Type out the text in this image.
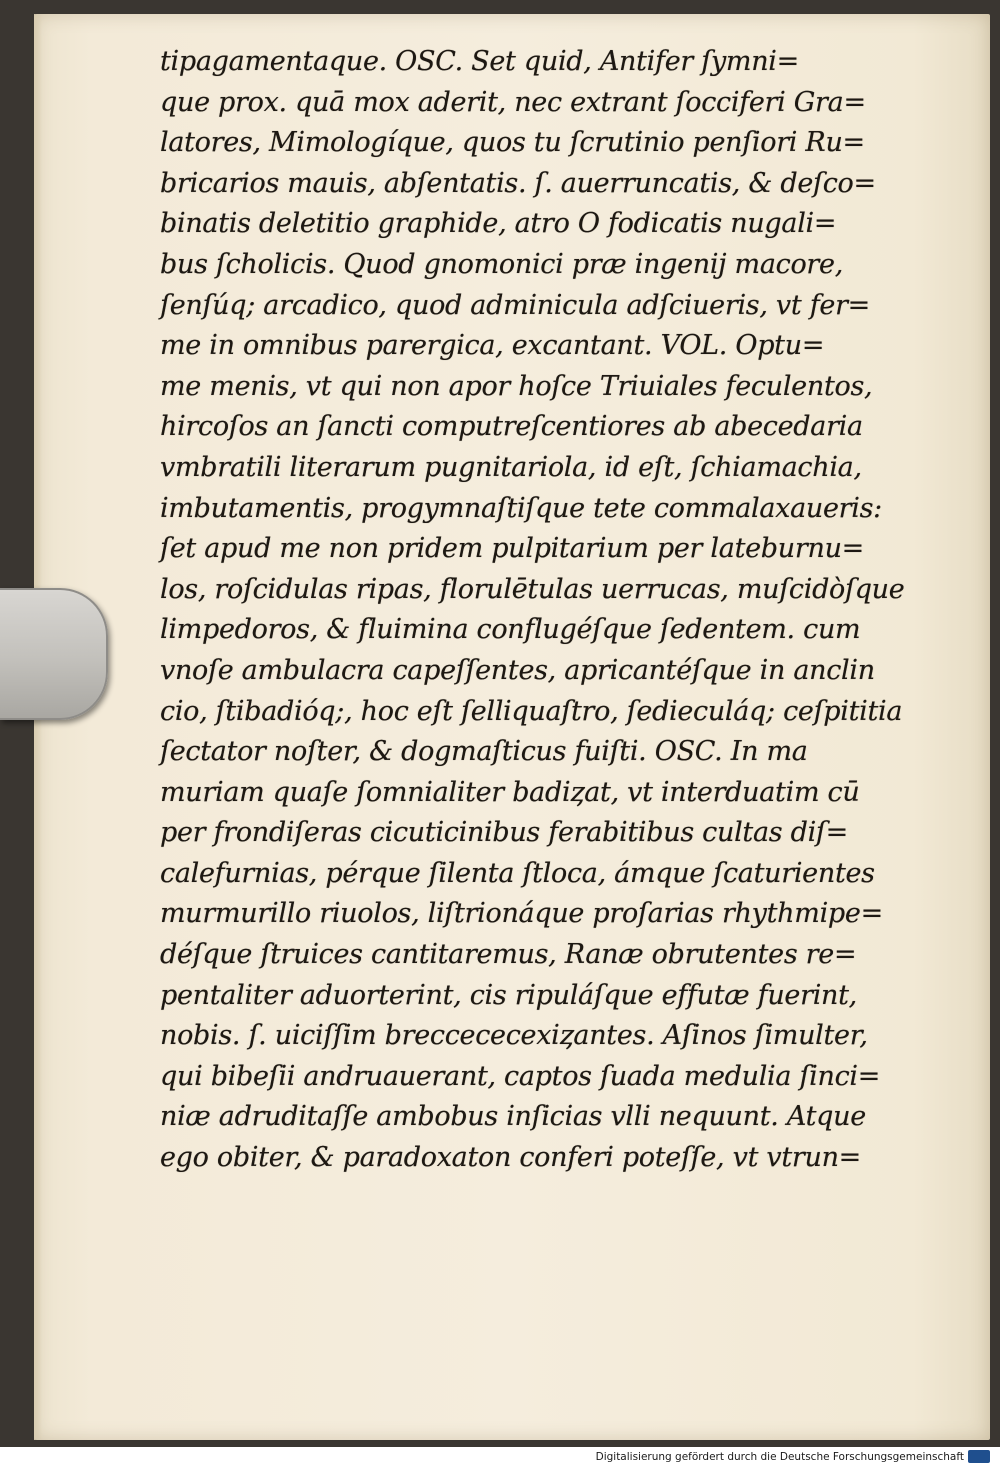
tipagamentaque. OSC. Set quid, Antifer ſymni=
que prox. quā mox aderit, nec extrant ſocciferi Gra=
latores, Mimologíque, quos tu ſcrutinio penſiori Ru=
bricarios mauis, abſentatis. ſ. auerruncatis, & deſco=
binatis deletitio graphide, atro O fodicatis nugali=
bus ſcholicis. Quod gnomonici præ ingenij macore,
ſenſúq; arcadico, quod adminicula adſciueris, vt fer=
me in omnibus parergica, excantant. VOL. Optu=
me menis, vt qui non apor hoſce Triuiales feculentos,
hircoſos an ſancti computreſcentiores ab abecedaria
vmbratili literarum pugnitariola, id eſt, ſchiamachia,
imbutamentis, progymnaſtiſque tete commalaxaueris:
ſet apud me non pridem pulpitarium per lateburnu=
los, roſcidulas ripas, florulētulas uerrucas, muſcidòſque
limpedoros, & fluimina conflugéſque ſedentem. cum
vnoſe ambulacra capeſſentes, apricantéſque in anclin
cio, ſtibadióq;, hoc eſt ſelliquaſtro, ſedieculáq; ceſpititia
ſectator noſter, & dogmaſticus fuiſti. OSC. In ma
muriam quaſe ſomnialiter badiȥat, vt interduatim cū
per frondiſeras cicuticinibus ferabitibus cultas diſ=
calefurnias, pérque ſilenta ſtloca, ámque ſcaturientes
murmurillo riuolos, liſtrionáque proſarias rhythmipe=
déſque ſtruices cantitaremus, Ranæ obrutentes re=
pentaliter aduorterint, cis ripuláſque effutæ fuerint,
nobis. ſ. uiciſſim breccececexiȥantes. Aſinos ſimulter,
qui bibeſii andruauerant, captos ſuada medulia ſinci=
niæ adruditaſſe ambobus inſicias vlli nequunt. Atque
ego obiter, & paradoxaton conferi poteſſe, vt vtrun=
Digitalisierung gefördert durch die Deutsche Forschungsgemeinschaft
